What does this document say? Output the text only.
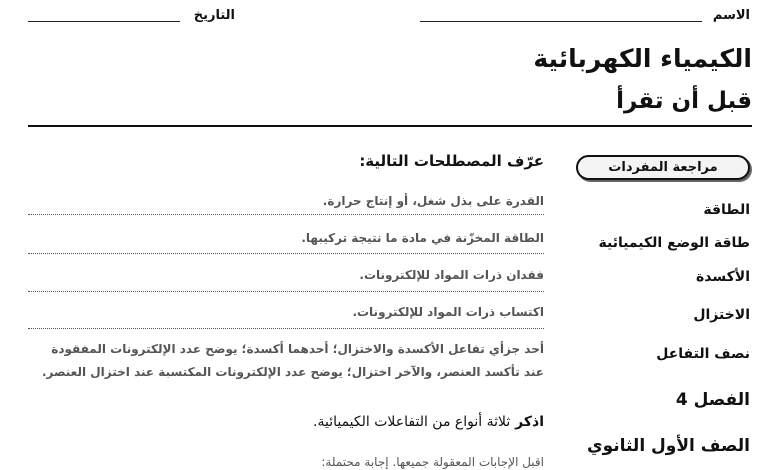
الاسم
التاريخ
الكيمياء الكهربائية
قبل أن تقرأ
مراجعة المفردات
عرّف المصطلحات التالية:
الطاقة
القدرة على بذل شغل، أو إنتاج حرارة.
طاقة الوضع الكيميائية
الطاقة المخزّنة في مادة ما نتيجة تركيبها.
الأكسدة
فقدان ذرات المواد للإلكترونات.
الاختزال
اكتساب ذرات المواد للإلكترونات.
نصف التفاعل
أحد جزأي تفاعل الأكسدة والاختزال؛ أحدهما أكسدة؛ يوضح عدد الإلكترونات المفقودة
عند تأكسد العنصر، والآخر اختزال؛ يوضح عدد الإلكترونات المكتسبة عند اختزال العنصر.
الفصل 4
الصف الأول الثانوي
اذكر ثلاثة أنواع من التفاعلات الكيميائية.
اقبل الإجابات المعقولة جميعها. إجابة محتملة:
